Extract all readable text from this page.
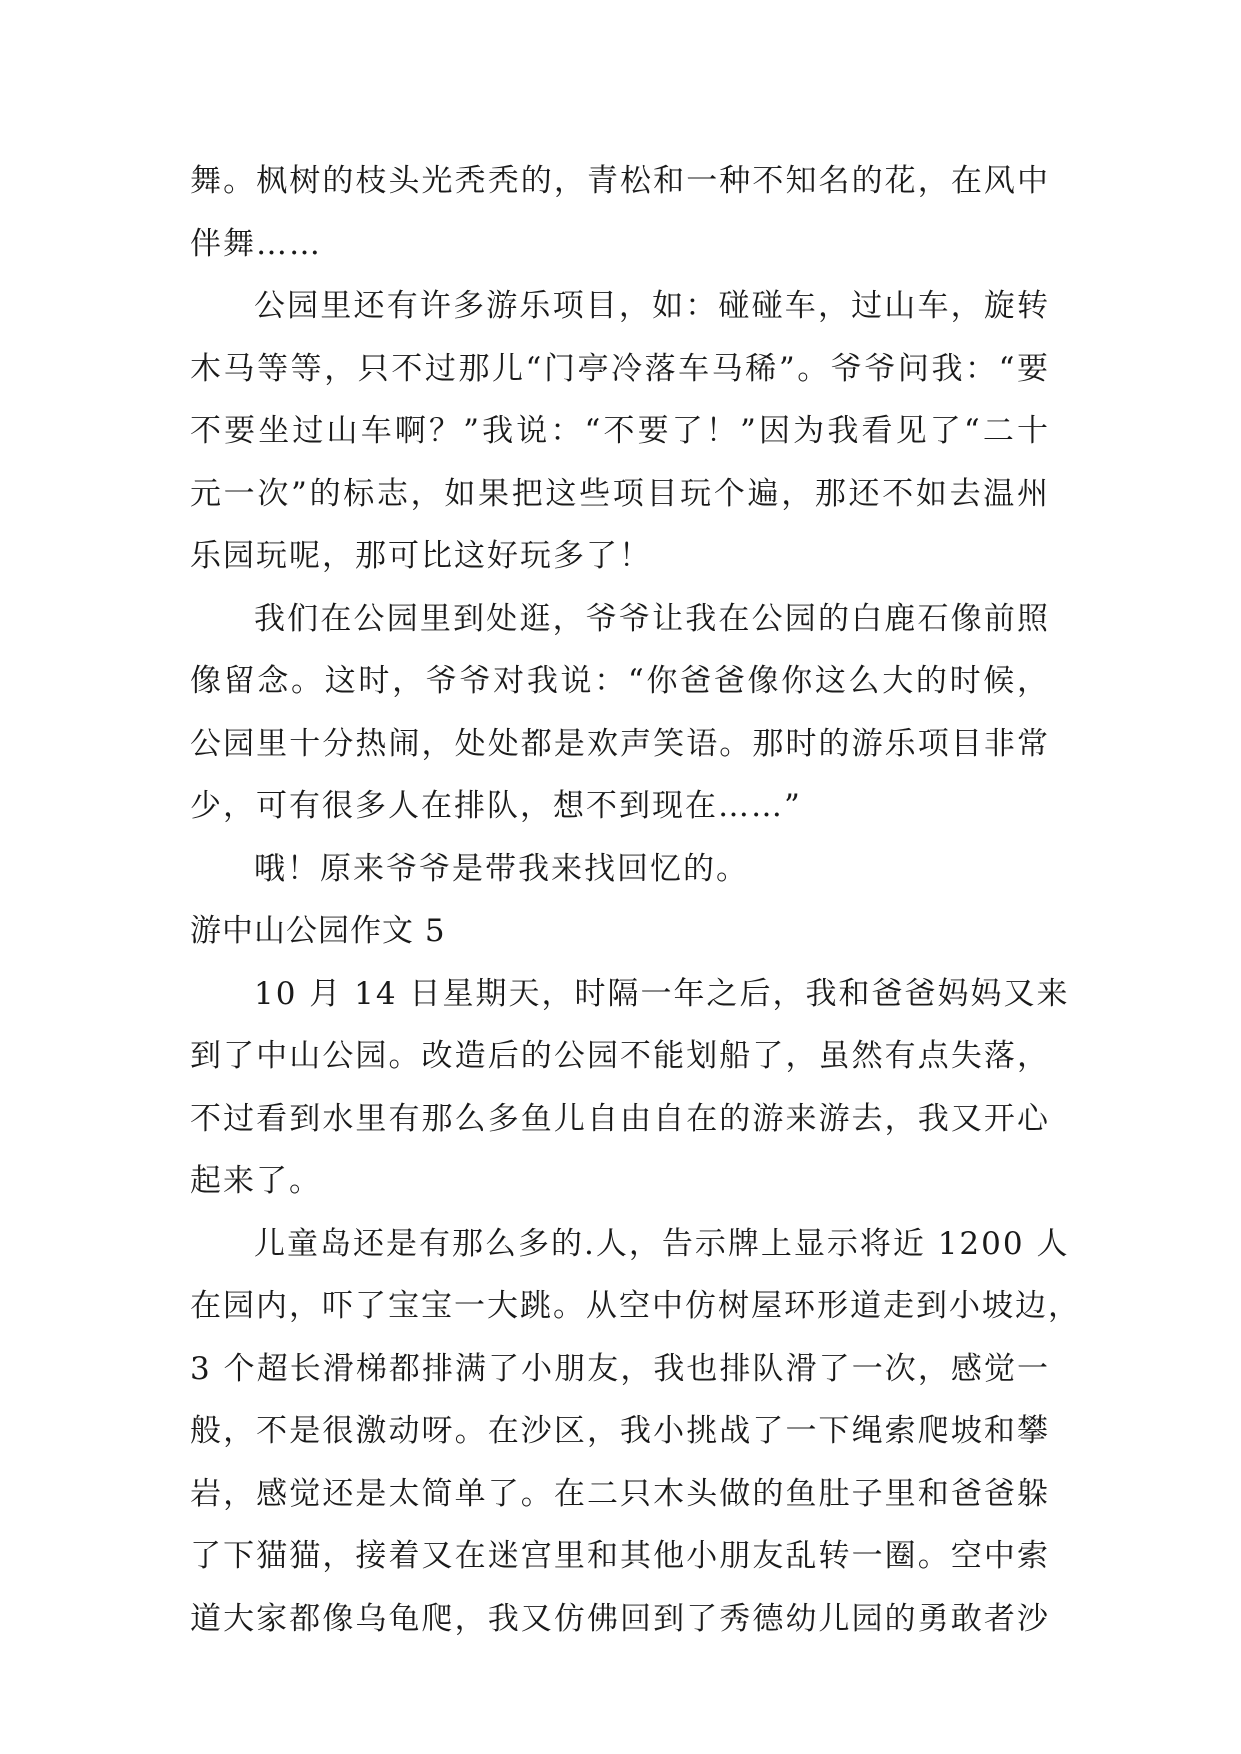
舞。枫树的枝头光秃秃的，青松和一种不知名的花，在风中
伴舞……
公园里还有许多游乐项目，如：碰碰车，过山车，旋转
木马等等，只不过那儿“门亭冷落车马稀”。爷爷问我：“要
不要坐过山车啊？”我说：“不要了！”因为我看见了“二十
元一次”的标志，如果把这些项目玩个遍，那还不如去温州
乐园玩呢，那可比这好玩多了！
我们在公园里到处逛，爷爷让我在公园的白鹿石像前照
像留念。这时，爷爷对我说：“你爸爸像你这么大的时候，
公园里十分热闹，处处都是欢声笑语。那时的游乐项目非常
少，可有很多人在排队，想不到现在……”
哦！原来爷爷是带我来找回忆的。
游中山公园作文 5
10 月 14 日星期天，时隔一年之后，我和爸爸妈妈又来
到了中山公园。改造后的公园不能划船了，虽然有点失落，
不过看到水里有那么多鱼儿自由自在的游来游去，我又开心
起来了。
儿童岛还是有那么多的.人，告示牌上显示将近 1200 人
在园内，吓了宝宝一大跳。从空中仿树屋环形道走到小坡边，
3 个超长滑梯都排满了小朋友，我也排队滑了一次，感觉一
般，不是很激动呀。在沙区，我小挑战了一下绳索爬坡和攀
岩，感觉还是太简单了。在二只木头做的鱼肚子里和爸爸躲
了下猫猫，接着又在迷宫里和其他小朋友乱转一圈。空中索
道大家都像乌龟爬，我又仿佛回到了秀德幼儿园的勇敢者沙
